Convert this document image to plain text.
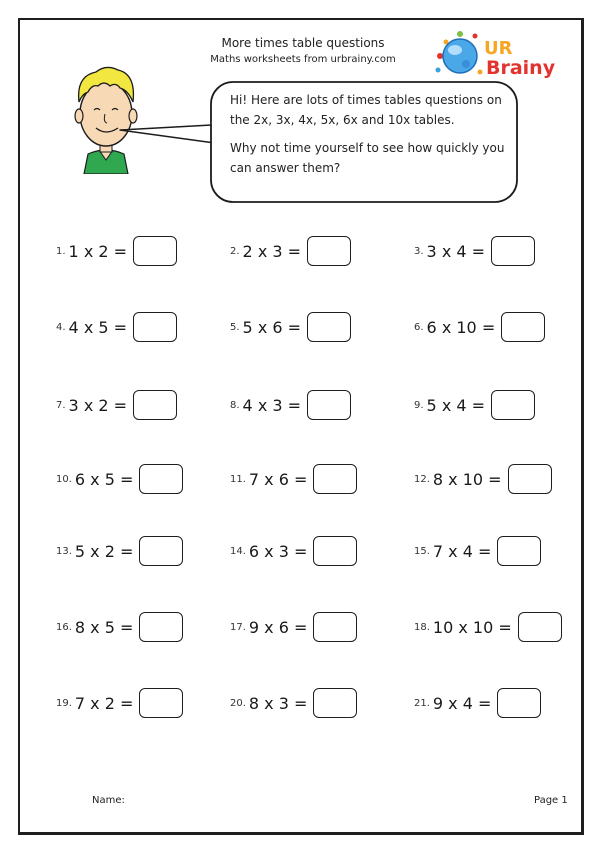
More times table questions
Maths worksheets from urbrainy.com
UR
Brainy

Hi! Here are lots of times tables questions on the 2x, 3x, 4x, 5x, 6x and 10x tables.

Why not time yourself to see how quickly you can answer them?

1. 1 x 2 =	2. 2 x 3 =	3. 3 x 4 =
4. 4 x 5 =	5. 5 x 6 =	6. 6 x 10 =
7. 3 x 2 =	8. 4 x 3 =	9. 5 x 4 =
10. 6 x 5 =	11. 7 x 6 =	12. 8 x 10 =
13. 5 x 2 =	14. 6 x 3 =	15. 7 x 4 =
16. 8 x 5 =	17. 9 x 6 =	18. 10 x 10 =
19. 7 x 2 =	20. 8 x 3 =	21. 9 x 4 =
Name:	Page 1
